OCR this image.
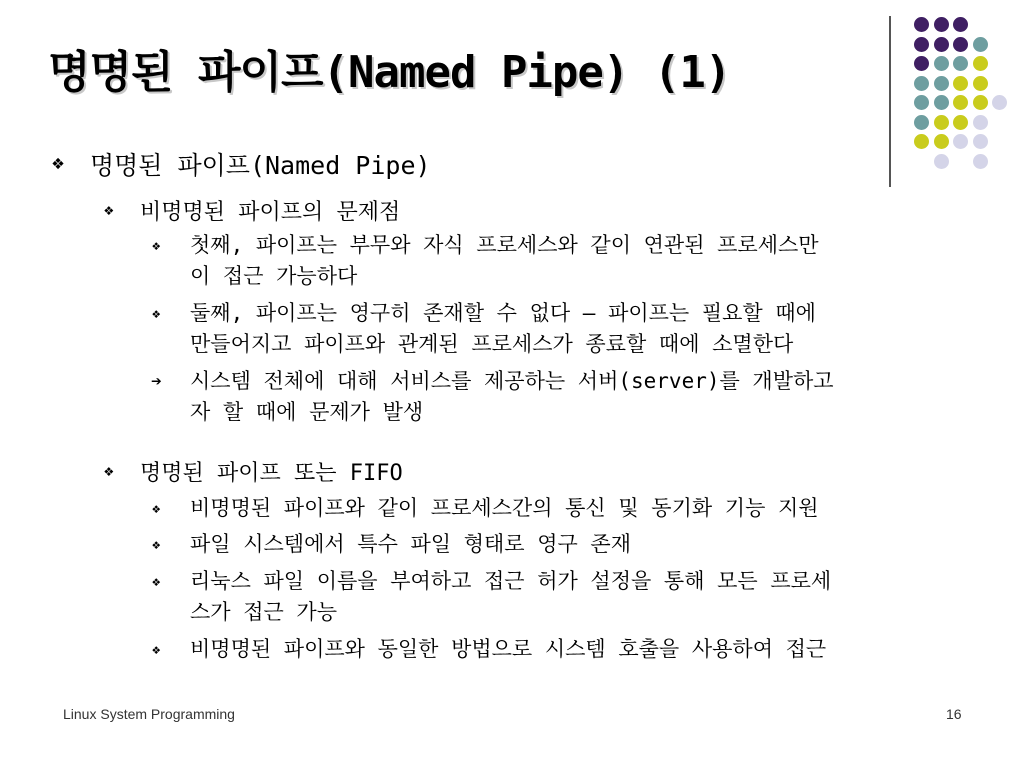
명명된 파이프(Named Pipe) (1)
❖ 명명된 파이프(Named Pipe)
❖ 비명명된 파이프의 문제점
❖ 첫째, 파이프는 부무와 자식 프로세스와 같이 연관된 프로세스만
이 접근 가능하다
❖ 둘째, 파이프는 영구히 존재할 수 없다 – 파이프는 필요할 때에
만들어지고 파이프와 관계된 프로세스가 종료할 때에 소멸한다
➔ 시스템 전체에 대해 서비스를 제공하는 서버(server)를 개발하고
자 할 때에 문제가 발생
❖ 명명된 파이프 또는 FIFO
❖ 비명명된 파이프와 같이 프로세스간의 통신 및 동기화 기능 지원
❖ 파일 시스템에서 특수 파일 형태로 영구 존재
❖ 리눅스 파일 이름을 부여하고 접근 허가 설정을 통해 모든 프로세
스가 접근 가능
❖ 비명명된 파이프와 동일한 방법으로 시스템 호출을 사용하여 접근
Linux System Programming	16
